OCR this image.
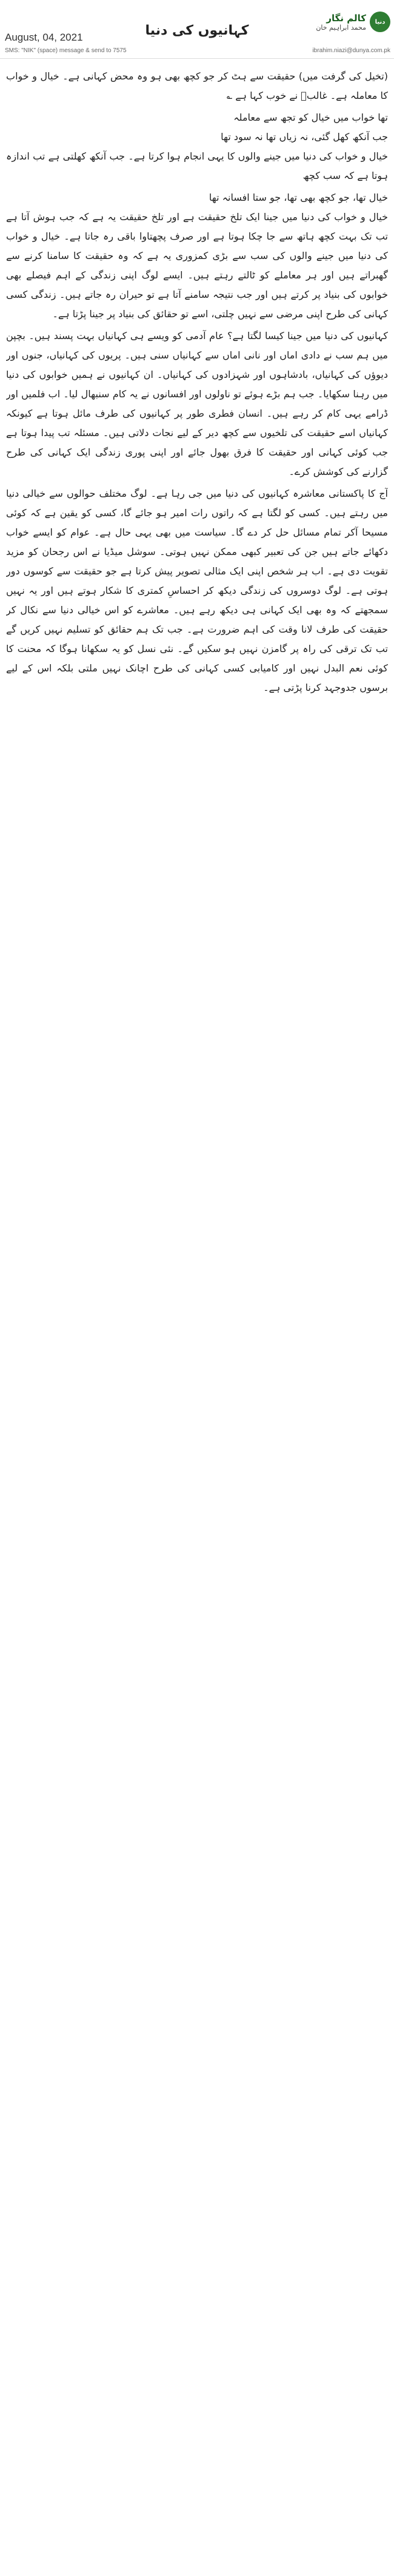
August, 04, 2021
SMS: "NIK" (space) message & send to 7575	ibrahim.niazi@dunya.com.pk
کہانیوں کی دنیا
کالم نگار
محمد ابراہیم خان
دنیا

(تخیل کی گرفت میں) حقیقت سے ہٹ کر جو کچھ بھی ہو وہ محض کہانی ہے۔ خیال و خواب کا معاملہ ہے۔ غالبؔ نے خوب کہا ہے ؎

تھا خواب میں خیال کو تجھ سے معاملہ

جب آنکھ کھل گئی، نہ زیاں تھا نہ سود تھا

خیال و خواب کی دنیا میں جینے والوں کا یہی انجام ہوا کرتا ہے۔ جب آنکھ کھلتی ہے تب اندازہ ہوتا ہے کہ سب کچھ

خیال تھا، جو کچھ بھی تھا، جو ستا افسانہ تھا

خیال و خواب کی دنیا میں جینا ایک تلخ حقیقت ہے اور تلخ حقیقت یہ ہے کہ جب ہوش آتا ہے تب تک بہت کچھ ہاتھ سے جا چکا ہوتا ہے اور صرف پچھتاوا باقی رہ جاتا ہے۔ خیال و خواب کی دنیا میں جینے والوں کی سب سے بڑی کمزوری یہ ہے کہ وہ حقیقت کا سامنا کرنے سے گھبراتے ہیں اور ہر معاملے کو ٹالتے رہتے ہیں۔ ایسے لوگ اپنی زندگی کے اہم فیصلے بھی خوابوں کی بنیاد پر کرتے ہیں اور جب نتیجہ سامنے آتا ہے تو حیران رہ جاتے ہیں۔ زندگی کسی کہانی کی طرح اپنی مرضی سے نہیں چلتی، اسے تو حقائق کی بنیاد پر جینا پڑتا ہے۔

کہانیوں کی دنیا میں جینا کیسا لگتا ہے؟ عام آدمی کو ویسے ہی کہانیاں بہت پسند ہیں۔ بچپن میں ہم سب نے دادی اماں اور نانی اماں سے کہانیاں سنی ہیں۔ پریوں کی کہانیاں، جنوں اور دیوؤں کی کہانیاں، بادشاہوں اور شہزادوں کی کہانیاں۔ ان کہانیوں نے ہمیں خوابوں کی دنیا میں رہنا سکھایا۔ جب ہم بڑے ہوئے تو ناولوں اور افسانوں نے یہ کام سنبھال لیا۔ اب فلمیں اور ڈرامے یہی کام کر رہے ہیں۔ انسان فطری طور پر کہانیوں کی طرف مائل ہوتا ہے کیونکہ کہانیاں اسے حقیقت کی تلخیوں سے کچھ دیر کے لیے نجات دلاتی ہیں۔ مسئلہ تب پیدا ہوتا ہے جب کوئی کہانی اور حقیقت کا فرق بھول جائے اور اپنی پوری زندگی ایک کہانی کی طرح گزارنے کی کوشش کرے۔

آج کا پاکستانی معاشرہ کہانیوں کی دنیا میں جی رہا ہے۔ لوگ مختلف حوالوں سے خیالی دنیا میں رہتے ہیں۔ کسی کو لگتا ہے کہ راتوں رات امیر ہو جائے گا، کسی کو یقین ہے کہ کوئی مسیحا آکر تمام مسائل حل کر دے گا۔ سیاست میں بھی یہی حال ہے۔ عوام کو ایسے خواب دکھائے جاتے ہیں جن کی تعبیر کبھی ممکن نہیں ہوتی۔ سوشل میڈیا نے اس رجحان کو مزید تقویت دی ہے۔ اب ہر شخص اپنی ایک مثالی تصویر پیش کرتا ہے جو حقیقت سے کوسوں دور ہوتی ہے۔ لوگ دوسروں کی زندگی دیکھ کر احساسِ کمتری کا شکار ہوتے ہیں اور یہ نہیں سمجھتے کہ وہ بھی ایک کہانی ہی دیکھ رہے ہیں۔ معاشرے کو اس خیالی دنیا سے نکال کر حقیقت کی طرف لانا وقت کی اہم ضرورت ہے۔ جب تک ہم حقائق کو تسلیم نہیں کریں گے تب تک ترقی کی راہ پر گامزن نہیں ہو سکیں گے۔ نئی نسل کو یہ سکھانا ہوگا کہ محنت کا کوئی نعم البدل نہیں اور کامیابی کسی کہانی کی طرح اچانک نہیں ملتی بلکہ اس کے لیے برسوں جدوجہد کرنا پڑتی ہے۔
